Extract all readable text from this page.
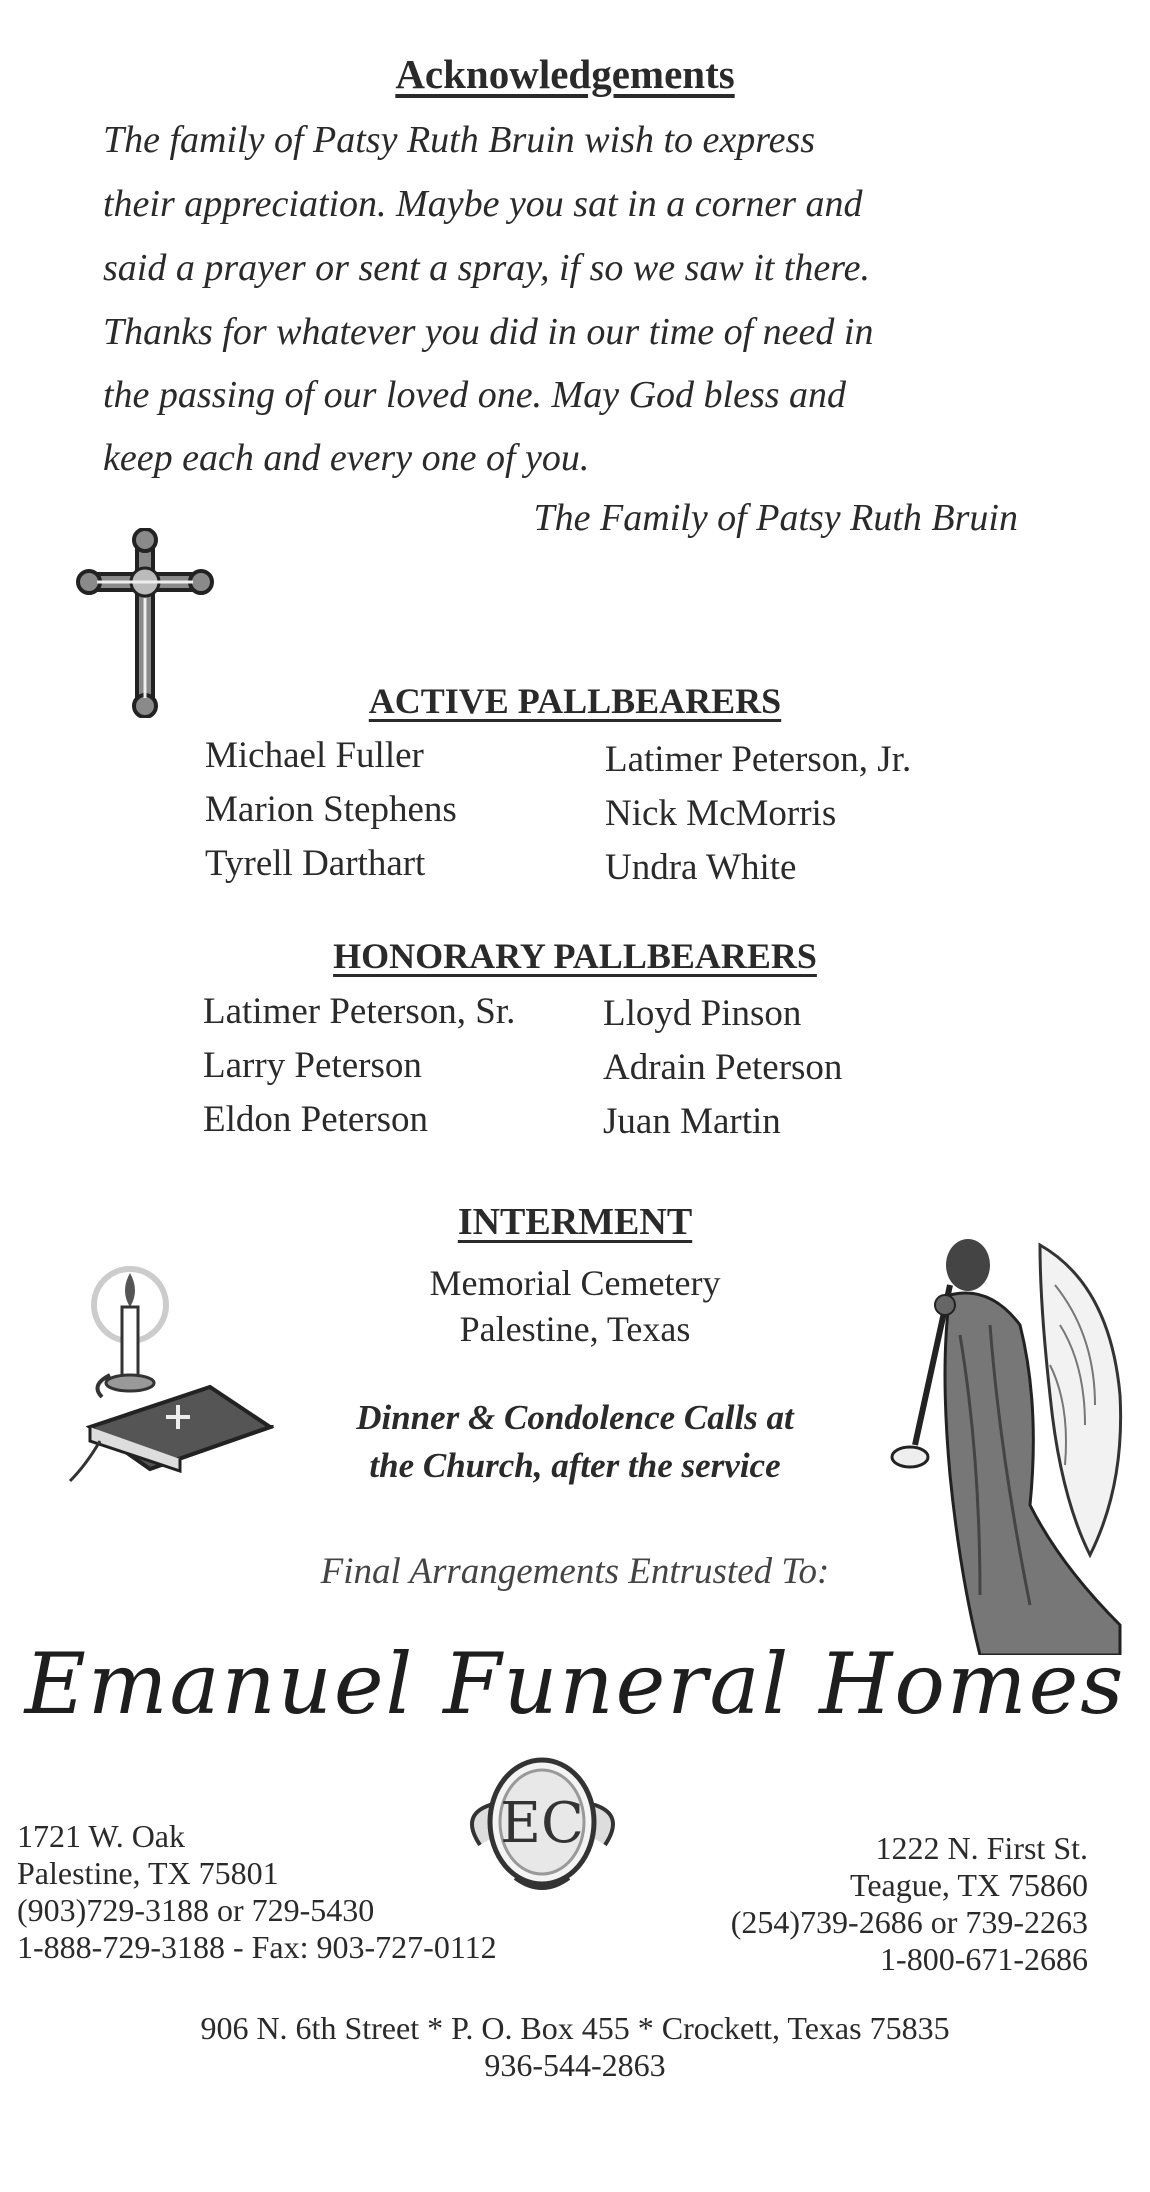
Acknowledgements
The family of Patsy Ruth Bruin wish to express
their appreciation. Maybe you sat in a corner and
said a prayer or sent a spray, if so we saw it there.
Thanks for whatever you did in our time of need in
the passing of our loved one. May God bless and
keep each and every one of you.
The Family of Patsy Ruth Bruin
ACTIVE PALLBEARERS
Michael Fuller
Marion Stephens
Tyrell Darthart
Latimer Peterson, Jr.
Nick McMorris
Undra White
HONORARY PALLBEARERS
Latimer Peterson, Sr.
Larry Peterson
Eldon Peterson
Lloyd Pinson
Adrain Peterson
Juan Martin
INTERMENT
Memorial Cemetery
Palestine, Texas
Dinner & Condolence Calls at
the Church, after the service
Final Arrangements Entrusted To:
Emanuel Funeral Homes
EC
1721 W. Oak
Palestine, TX 75801
(903)729-3188 or 729-5430
1-888-729-3188 - Fax: 903-727-0112
1222 N. First St.
Teague, TX 75860
(254)739-2686 or 739-2263
1-800-671-2686
906 N. 6th Street * P. O. Box 455 * Crockett, Texas 75835
936-544-2863
